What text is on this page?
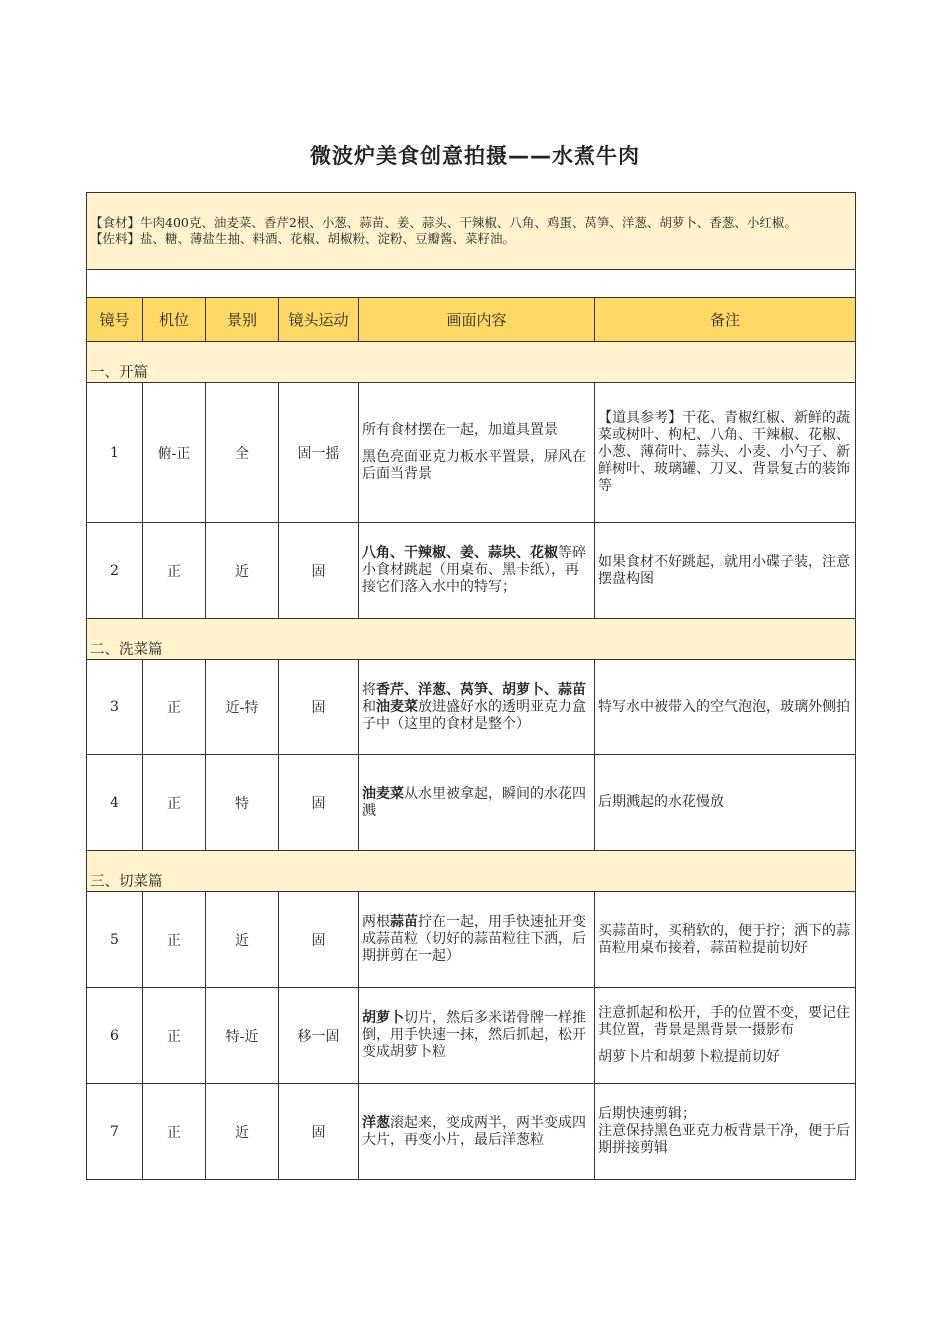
微波炉美食创意拍摄——水煮牛肉
【食材】牛肉400克、油麦菜、香芹2根、小葱、蒜苗、姜、蒜头、干辣椒、八角、鸡蛋、莴笋、洋葱、胡萝卜、香葱、小红椒。
【佐料】盐、糖、薄盐生抽、料酒、花椒、胡椒粉、淀粉、豆瓣酱、菜籽油。					

镜号	机位	景别	镜头运动	画面内容	备注
一、开篇					
1	俯-正	全	固一摇	所有食材摆在一起，加道具置景
黑色亮面亚克力板水平置景，屏风在后面当背景	【道具参考】干花、青椒红椒、新鲜的蔬菜或树叶、枸杞、八角、干辣椒、花椒、小葱、薄荷叶、蒜头、小麦、小勺子、新鲜树叶、玻璃罐、刀叉、背景复古的装饰等
2	正	近	固	八角、干辣椒、姜、蒜块、花椒等碎小食材跳起（用桌布、黑卡纸），再接它们落入水中的特写；	如果食材不好跳起，就用小碟子装，注意摆盘构图
二、洗菜篇					
3	正	近-特	固	将香芹、洋葱、莴笋、胡萝卜、蒜苗和油麦菜放进盛好水的透明亚克力盒子中（这里的食材是整个）	特写水中被带入的空气泡泡，玻璃外侧拍
4	正	特	固	油麦菜从水里被拿起，瞬间的水花四溅	后期溅起的水花慢放
三、切菜篇					
5	正	近	固	两根蒜苗拧在一起，用手快速扯开变成蒜苗粒（切好的蒜苗粒往下洒，后期拼剪在一起）	买蒜苗时，买稍软的，便于拧；洒下的蒜苗粒用桌布接着，蒜苗粒提前切好
6	正	特-近	移一固	胡萝卜切片，然后多米诺骨牌一样推倒，用手快速一抹，然后抓起，松开变成胡萝卜粒	注意抓起和松开，手的位置不变，要记住其位置，背景是黑背景一摄影布
胡萝卜片和胡萝卜粒提前切好
7	正	近	固	洋葱滚起来，变成两半，两半变成四大片，再变小片，最后洋葱粒	后期快速剪辑；
注意保持黑色亚克力板背景干净，便于后期拼接剪辑
